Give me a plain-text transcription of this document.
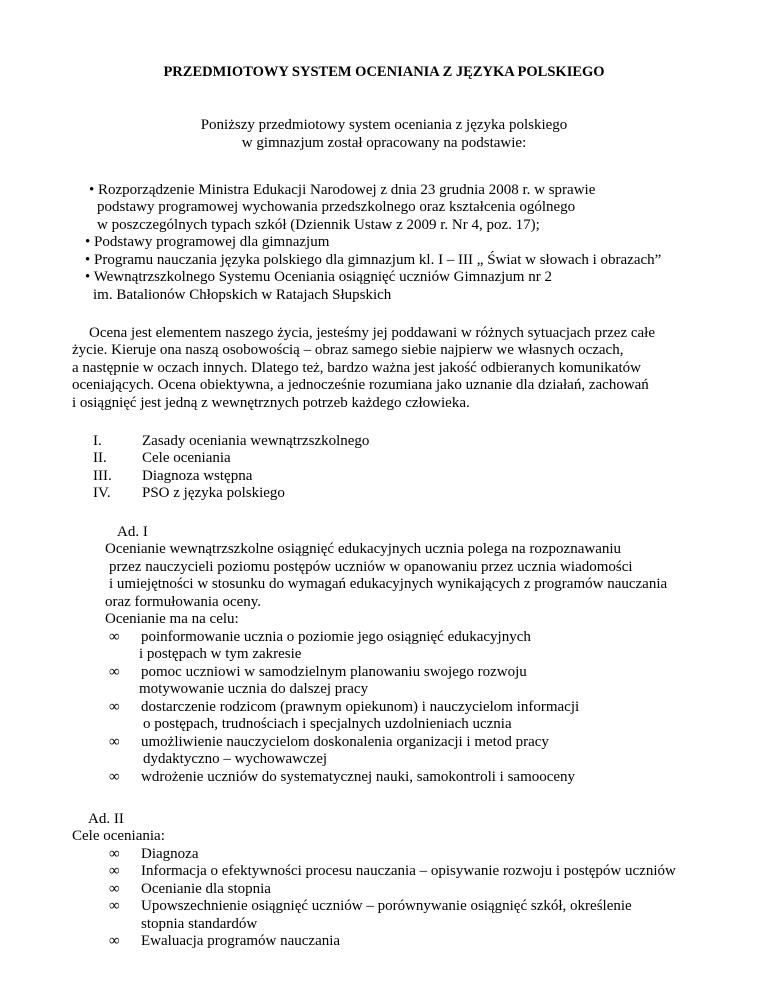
PRZEDMIOTOWY SYSTEM OCENIANIA Z JĘZYKA POLSKIEGO
Poniższy przedmiotowy system oceniania z języka polskiego
w gimnazjum został opracowany na podstawie:
• Rozporządzenie Ministra Edukacji Narodowej z dnia 23 grudnia 2008 r. w sprawie
podstawy programowej wychowania przedszkolnego oraz kształcenia ogólnego
w poszczególnych typach szkół (Dziennik Ustaw z 2009 r. Nr 4, poz. 17);
• Podstawy programowej dla gimnazjum
• Programu nauczania języka polskiego dla gimnazjum kl. I – III „ Świat w słowach i obrazach”
• Wewnątrzszkolnego Systemu Oceniania osiągnięć uczniów Gimnazjum nr 2
im. Batalionów Chłopskich w Ratajach Słupskich
Ocena jest elementem naszego życia, jesteśmy jej poddawani w różnych sytuacjach przez całe
życie. Kieruje ona naszą osobowością – obraz samego siebie najpierw we własnych oczach,
a następnie w oczach innych. Dlatego też, bardzo ważna jest jakość odbieranych komunikatów
oceniających. Ocena obiektywna, a jednocześnie rozumiana jako uznanie dla działań, zachowań
i osiągnięć jest jedną z wewnętrznych potrzeb każdego człowieka.
I.	Zasady oceniania wewnątrzszkolnego
II. Cele oceniania
III. Diagnoza wstępna
IV. PSO z języka polskiego
Ad. I
Ocenianie wewnątrzszkolne osiągnięć edukacyjnych ucznia polega na rozpoznawaniu
przez nauczycieli poziomu postępów uczniów w opanowaniu przez ucznia wiadomości
i umiejętności w stosunku do wymagań edukacyjnych wynikających z programów nauczania
oraz formułowania oceny.
Ocenianie ma na celu:
∞ poinformowanie ucznia o poziomie jego osiągnięć edukacyjnych
i postępach w tym zakresie
∞ pomoc uczniowi w samodzielnym planowaniu swojego rozwoju
motywowanie ucznia do dalszej pracy
∞ dostarczenie rodzicom (prawnym opiekunom) i nauczycielom informacji
o postępach, trudnościach i specjalnych uzdolnieniach ucznia
∞ umożliwienie nauczycielom doskonalenia organizacji i metod pracy
dydaktyczno – wychowawczej
∞ wdrożenie uczniów do systematycznej nauki, samokontroli i samooceny
Ad. II
Cele oceniania:
∞ Diagnoza
∞ Informacja o efektywności procesu nauczania – opisywanie rozwoju i postępów uczniów
∞ Ocenianie dla stopnia
∞ Upowszechnienie osiągnięć uczniów – porównywanie osiągnięć szkół, określenie
stopnia standardów
∞ Ewaluacja programów nauczania
